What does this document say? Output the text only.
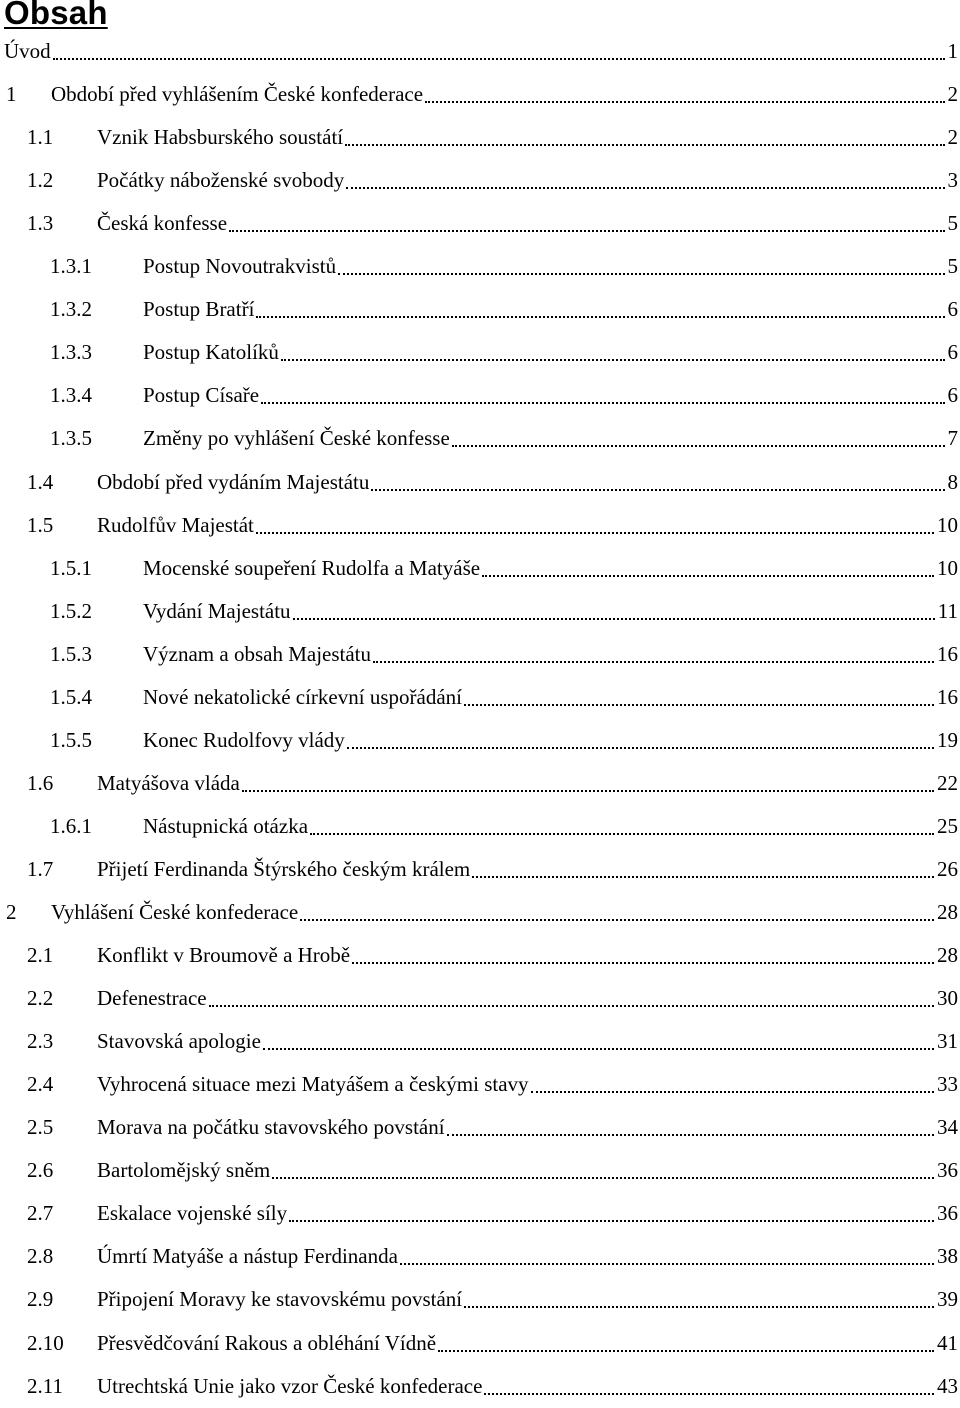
Obsah
Úvod	1
1 Období před vyhlášením České konfederace	2
1.1 Vznik Habsburského soustátí	2
1.2 Počátky náboženské svobody	3
1.3 Česká konfesse	5
1.3.1 Postup Novoutrakvistů	5
1.3.2 Postup Bratří	6
1.3.3 Postup Katolíků	6
1.3.4 Postup Císaře	6
1.3.5 Změny po vyhlášení České konfesse	7
1.4 Období před vydáním Majestátu	8
1.5 Rudolfův Majestát	10
1.5.1 Mocenské soupeření Rudolfa a Matyáše	10
1.5.2 Vydání Majestátu	11
1.5.3 Význam a obsah Majestátu	16
1.5.4 Nové nekatolické církevní uspořádání	16
1.5.5 Konec Rudolfovy vlády	19
1.6 Matyášova vláda	22
1.6.1 Nástupnická otázka	25
1.7 Přijetí Ferdinanda Štýrského českým králem	26
2 Vyhlášení České konfederace	28
2.1 Konflikt v Broumově a Hrobě	28
2.2 Defenestrace	30
2.3 Stavovská apologie	31
2.4 Vyhrocená situace mezi Matyášem a českými stavy	33
2.5 Morava na počátku stavovského povstání	34
2.6 Bartolomějský sněm	36
2.7 Eskalace vojenské síly	36
2.8 Úmrtí Matyáše a nástup Ferdinanda	38
2.9 Připojení Moravy ke stavovskému povstání	39
2.10 Přesvědčování Rakous a obléhání Vídně	41
2.11 Utrechtská Unie jako vzor České konfederace	43
